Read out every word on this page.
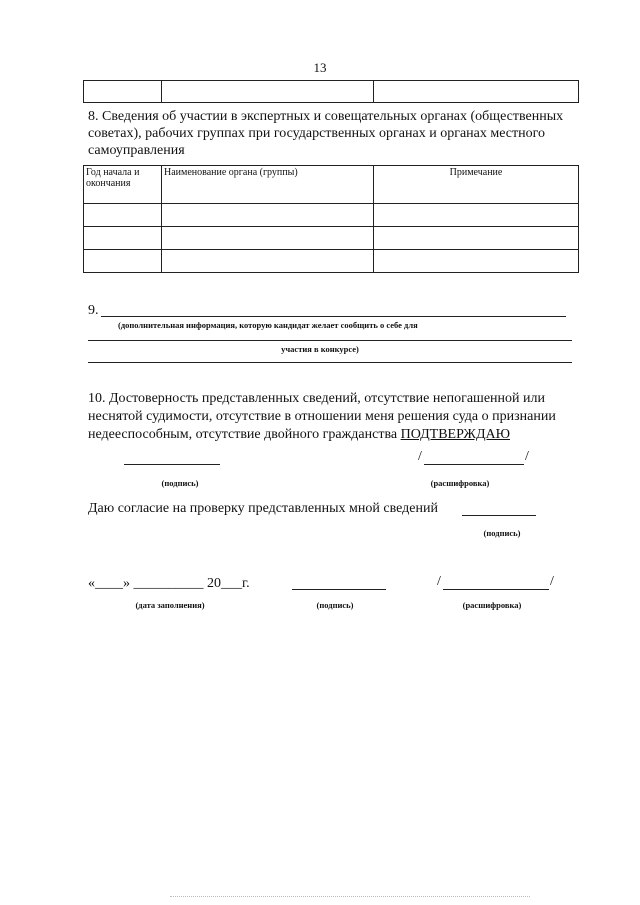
13

8. Сведения об участии в экспертных и совещательных органах (общественных советах), рабочих группах при государственных органах и органах местного самоуправления
Год начала и окончания	Наименование органа (группы)	Примечание

9.
(дополнительная информация, которую кандидат желает сообщить о себе для
участия в конкурсе)
10. Достоверность представленных сведений, отсутствие непогашенной или неснятой судимости, отсутствие в отношении меня решения суда о признании недееспособным, отсутствие двойного гражданства ПОДТВЕРЖДАЮ
/	/
(подпись)	(расшифровка)
Даю согласие на проверку представленных мной сведений
(подпись)
«____» __________ 20___г.	/	/
(дата заполнения)	(подпись)	(расшифровка)
